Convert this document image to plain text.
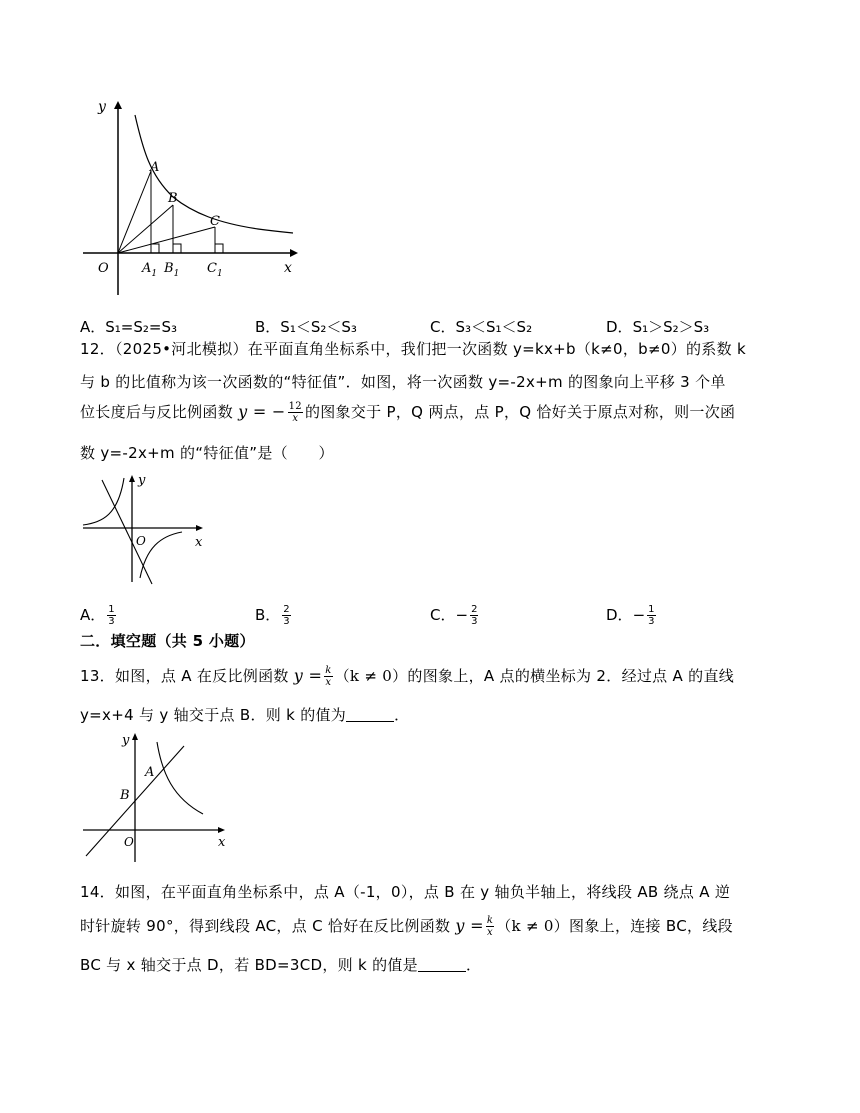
y
x
O
A
B
C
$A_1$ $B_1$ $C_1$
A．S₁=S₂=S₃	B．S₁＜S₂＜S₃	C．S₃＜S₁＜S₂	D．S₁＞S₂＞S₃
12．（2025•河北模拟）在平面直角坐标系中，我们把一次函数 y=kx+b（k≠0，b≠0）的系数 k
与 b 的比值称为该一次函数的“特征值”．如图，将一次函数 y=-2x+m 的图象向上平移 3 个单
位长度后与反比例函数 y = − $\frac{12}{x}$ 的图象交于 P，Q 两点，点 P，Q 恰好关于原点对称，则一次函
数 y=-2x+m 的“特征值”是（　　）
y
x
O
A． $\frac{1}{3}$	B． $\frac{2}{3}$	C．− $\frac{2}{3}$	D．− $\frac{1}{3}$
二．填空题（共 5 小题）
13．如图，点 A 在反比例函数 $y = \frac{k}{x} (k \ne 0)$的图象上，A 点的横坐标为 2．经过点 A 的直线
y=x+4 与 y 轴交于点 B．则 k 的值为	．
y
x
O
A
B
14．如图，在平面直角坐标系中，点 A（-1，0），点 B 在 y 轴负半轴上，将线段 AB 绕点 A 逆
时针旋转 90°，得到线段 AC，点 C 恰好在反比例函数 $y = \frac{k}{x} (k \ne 0)$图象上，连接 BC，线段
BC 与 x 轴交于点 D，若 BD=3CD，则 k 的值是	．
